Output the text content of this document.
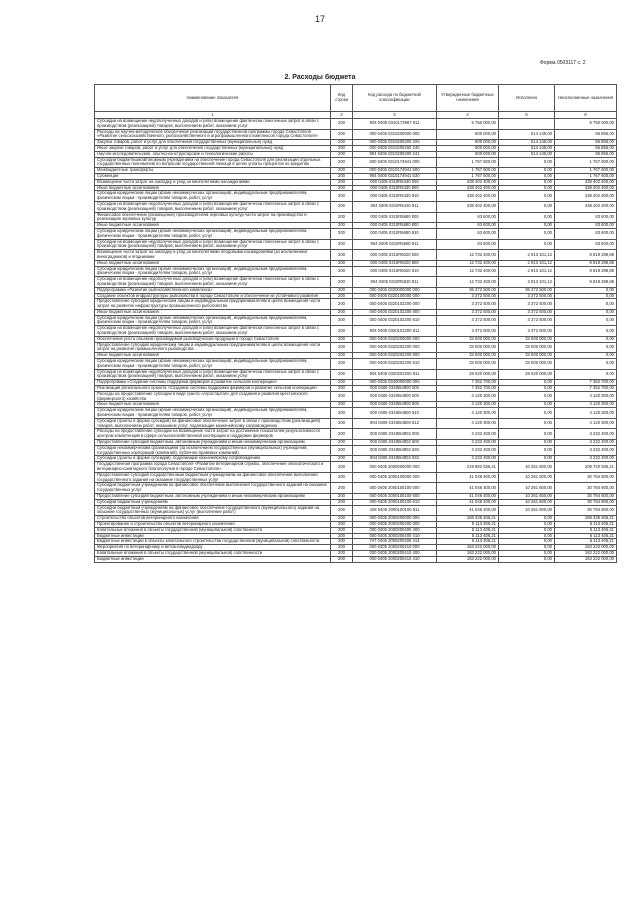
17
Форма 0503117 с. 2
2. Расходы бюджета
Наименование показателя	Код строки	Код расхода по бюджетной классификации	Утвержденные бюджетные назначения	Исполнено	Неисполненные назначения
1	2	3	4	5	6
Субсидии на возмещение недополученных доходов и (или) возмещение фактически понесенных затрат в связи с производством (реализацией) товаров, выполнением работ, оказанием услуг	200	904 0405 0310172987 811	5 750 000,00		5 750 000,00
Расходы на научно-методическое обеспечение реализации государственной программы города Севастополя «Развитие сельскохозяйственного, рыбохозяйственного и агропромышленного комплексов города Севастополя»	200	000 0405 0310200000 000	600 000,00	514 145,00	85 855,00
Закупка товаров, работ и услуг для обеспечения государственных (муниципальных) нужд	200	000 0405 0310200200 200	600 000,00	514 145,00	85 855,00
Иные закупки товаров, работ и услуг для обеспечения государственных (муниципальных) нужд	200	000 0405 0310200200 240	600 000,00	514 145,00	85 855,00
Научно-исследовательские, опытно-конструкторские и технологические работы	200	904 0405 0310200200 241	600 000,00	514 145,00	85 855,00
Субсидии бюджетным/автономным учреждениям на обеспечение города Севастополя для реализации отдельных государственных полномочий по вопросам государственной помощи в целях уплаты процентов по кредитам	200	000 0405 0310174941 000	1 767 600,00	0,00	1 767 600,00
Межбюджетные трансферты	200	000 0405 0310174941 500	1 767 600,00	0,00	1 767 600,00
Субвенции	200	904 0405 0310174941 530	1 767 600,00	0,00	1 767 600,00
Возмещение части затрат на закладку и уход за многолетними насаждениями	200	000 0405 0310R5430 000	438 402 400,00	0,00	438 402 400,00
Иные бюджетные ассигнования	200	000 0405 0310R5430 800	438 402 400,00	0,00	438 402 400,00
Субсидии юридическим лицам (кроме некоммерческих организаций), индивидуальным предпринимателям, физическим лицам - производителям товаров, работ, услуг	200	000 0405 0310R5430 810	438 402 400,00	0,00	438 402 400,00
Субсидии на возмещение недополученных доходов и (или) возмещение фактически понесенных затрат в связи с производством (реализацией) товаров, выполнением работ, оказанием услуг	200	904 0405 0310R5430 811	438 402 400,00	0,00	438 402 400,00
Финансовое обеспечение (возмещение) производителям зерновых культур части затрат на производство и реализацию зерновых культур	200	000 0405 0310R5680 000	83 600,00	0,00	83 600,00
Иные бюджетные ассигнования	200	000 0405 0310R5680 800	83 600,00	0,00	83 600,00
Субсидии юридическим лицам (кроме некоммерческих организаций), индивидуальным предпринимателям, физическим лицам - производителям товаров, работ, услуг	200	000 0405 0310R5680 810	83 600,00	0,00	83 600,00
Субсидии на возмещение недополученных доходов и (или) возмещение фактически понесенных затрат в связи с производством (реализацией) товаров, выполнением работ, оказанием услуг	200	904 0405 0310R5680 811	83 600,00	0,00	83 600,00
Возмещение части затрат на закладку и уход за многолетними плодовыми насаждениями (за исключением виноградников) и ягодниками	200	000 0405 0310R5020 000	12 732 400,00	2 913 101,12	9 819 298,88
Иные бюджетные ассигнования	200	000 0405 0310R5020 800	12 732 400,00	2 913 101,12	9 819 298,88
Субсидии юридическим лицам (кроме некоммерческих организаций), индивидуальным предпринимателям, физическим лицам - производителям товаров, работ, услуг	200	000 0405 0310R5020 810	12 732 400,00	2 913 101,12	9 819 298,88
Субсидии на возмещение недополученных доходов и (или) возмещение фактически понесенных затрат в связи с производством (реализацией) товаров, выполнением работ, оказанием услуг	200	904 0405 0310R5020 811	12 732 400,00	2 913 101,12	9 819 298,88
Подпрограмма «Развитие рыбохозяйственного комплекса»	200	000 0405 0320000000 000	36 372 500,00	36 372 500,00	0,00
Создание объектов инфраструктуры рыболовства в городе Севастополе и обеспечение их устойчивого развития	200	000 0405 0320100000 000	3 372 500,00	3 372 500,00	0,00
Предоставление субсидий юридическим лицам и индивидуальным предпринимателям в целях возмещения части затрат на развитие инфраструктуры промышленного рыболовства	200	000 0405 0320102200 000	3 372 500,00	3 372 500,00	0,00
Иные бюджетные ассигнования	200	000 0405 0320102200 800	3 372 500,00	3 372 500,00	0,00
Субсидии юридическим лицам (кроме некоммерческих организаций), индивидуальным предпринимателям, физическим лицам - производителям товаров, работ, услуг	200	000 0405 0320102200 810	3 372 500,00	3 372 500,00	0,00
Субсидии на возмещение недополученных доходов и (или) возмещение фактически понесенных затрат в связи с производством (реализацией) товаров, выполнением работ, оказанием услуг	200	904 0405 0320102200 811	3 372 500,00	3 372 500,00	0,00
Обеспечение роста объемов производимой рыбоводческой продукции в городе Севастополе	200	000 0405 0320200000 000	33 000 000,00	33 000 000,00	0,00
Предоставление субсидий юридическим лицам и индивидуальным предпринимателям в целях возмещения части затрат на развитие промышленного рыбоводства	200	000 0405 0320202200 000	33 000 000,00	33 000 000,00	0,00
Иные бюджетные ассигнования	200	000 0405 0320202200 800	33 000 000,00	33 000 000,00	0,00
Субсидии юридическим лицам (кроме некоммерческих организаций), индивидуальным предпринимателям, физическим лицам - производителям товаров, работ, услуг	200	000 0405 0320202200 810	33 000 000,00	33 000 000,00	0,00
Субсидии на возмещение недополученных доходов и (или) возмещение фактически понесенных затрат в связи с производством (реализацией) товаров, выполнением работ, оказанием услуг	200	904 0405 0320202200 811	29 020 000,00	29 020 000,00	0,00
Подпрограмма «Создание системы поддержки фермеров и развитие сельской кооперации»	200	000 0405 0340000000 000	7 352 700,00	0,00	7 352 700,00
Реализация регионального проекта «Создание системы поддержки фермеров и развитие сельской кооперации»	200	000 0405 034I554800 000	7 352 700,00	0,00	7 352 700,00
Расходы на предоставление субсидии в виде гранта «Агростартап» для создания и развития крестьянского (фермерского) хозяйства	200	000 0405 034I554800 000	4 120 300,00	0,00	4 120 300,00
Иные бюджетные ассигнования	200	000 0405 034I554800 800	4 120 300,00	0,00	4 120 300,00
Субсидии юридическим лицам (кроме некоммерческих организаций), индивидуальным предпринимателям, физическим лицам - производителям товаров, работ, услуг	200	000 0405 034I554800 810	4 120 300,00	0,00	4 120 300,00
Субсидии (гранты в форме субсидий) на финансовое обеспечение затрат в связи с производством (реализацией) товаров, выполнением работ, оказанием услуг, подлежащие казначейскому сопровождению	200	904 0405 034I554800 812	4 120 300,00	0,00	4 120 300,00
Расходы на предоставление субсидии на возмещение части затрат на достижение показателей результативности центром компетенций в сфере сельскохозяйственной кооперации и поддержки фермеров	200	000 0405 034I554802 000	3 232 400,00	0,00	3 232 400,00
Предоставление субсидий бюджетным, автономным учреждениям и иным некоммерческим организациям	200	000 0405 034I554802 600	3 232 400,00	0,00	3 232 400,00
Субсидии некоммерческим организациям (за исключением государственных (муниципальных) учреждений, государственных корпораций (компаний), публично-правовых компаний)	200	000 0405 034I554802 630	3 232 400,00	0,00	3 232 400,00
Субсидии (гранты в форме субсидий), подлежащие казначейскому сопровождению	200	904 0405 034I554802 632	3 232 400,00	0,00	3 232 400,00
Государственная программа города Севастополя «Развитие ветеринарной службы, обеспечение эпизоотического и ветеринарно-санитарного благополучия в городе Севастополе»	200	000 0405 2000000000 000	219 982 536,21	10 261 600,00	209 720 936,21
Предоставление субсидий государственным бюджетным учреждениям на финансовое обеспечение выполнения государственного задания на оказание государственных услуг	200	000 0405 2000100000 000	41 046 400,00	10 261 600,00	30 784 800,00
Субсидии бюджетным учреждениям на финансовое обеспечение выполнения государственного задания на оказание государственных услуг	200	000 0405 2000100100 000	41 046 400,00	10 261 600,00	30 784 800,00
Предоставление субсидий бюджетным, автономным учреждениям и иным некоммерческим организациям	200	000 0405 2000100100 600	41 046 400,00	10 261 600,00	30 784 800,00
Субсидии бюджетным учреждениям	200	000 0405 2000100100 610	41 046 400,00	10 261 600,00	30 784 800,00
Субсидии бюджетным учреждениям на финансовое обеспечение государственного (муниципального) задания на оказание государственных (муниципальных) услуг (выполнение работ)	200	426 0405 2000100100 611	41 046 400,00	10 261 600,00	30 784 800,00
Строительство объектов ветеринарного назначения	200	000 0405 2000200000 000	168 335 406,21	0,00	168 335 406,21
Проектирование и строительство объектов ветеринарного назначения	200	000 0405 2000200400 000	5 113 406,21	0,00	5 113 406,21
Капитальные вложения в объекты государственной (муниципальной) собственности	200	000 0405 2000200400 400	5 113 406,21	0,00	5 113 406,21
Бюджетные инвестиции	200	000 0405 2000200400 410	5 113 406,21	0,00	5 113 406,21
Бюджетные инвестиции в объекты капитального строительства государственной (муниципальной) собственности	200	747 0405 2000200400 414	5 113 406,21	0,00	5 113 406,21
Мероприятия по ветеринарному и ветсанэпиднадзору	200	000 0405 2000200410 000	163 222 000,00	0,00	163 222 000,00
Капитальные вложения в объекты государственной (муниципальной) собственности	200	000 0405 2000200410 400	163 222 000,00	0,00	163 222 000,00
Бюджетные инвестиции	200	000 0405 2000200410 410	163 222 000,00	0,00	163 222 000,00
